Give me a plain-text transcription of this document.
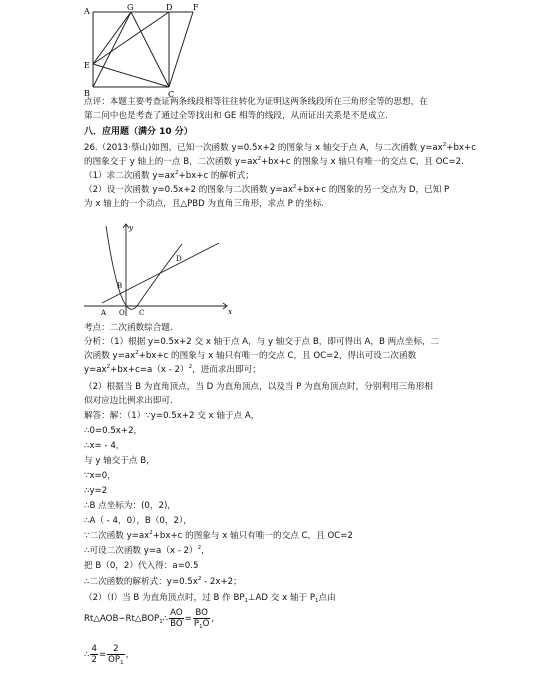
A	G	D	F
E
B	C
点评：本题主要考查证两条线段相等往往转化为证明这两条线段所在三角形全等的思想，在
第二问中也是考查了通过全等找出和 GE 相等的线段，从而证出关系是不是成立.
八．应用题（满分 10 分）
26.（2013·蔡山)如图，已知一次函数 y=0.5x+2 的图象与 x 轴交于点 A，与二次函数 $y=ax^2+bx+c$
的图象交于 y 轴上的一点 B，二次函数 $y=ax^2+bx+c$ 的图象与 x 轴只有唯一的交点 C，且 OC=2.
（1）求二次函数 $y=ax^2+bx+c$ 的解析式；
（2）设一次函数 y=0.5x+2 的图象与二次函数 $y=ax^2+bx+c$ 的图象的另一交点为 D，已知 P
为 x 轴上的一个动点，且△PBD 为直角三角形，求点 P 的坐标.
y
x
A O
B
C
D
考点：二次函数综合题.
分析：（1）根据 y=0.5x+2 交 x 轴于点 A，与 y 轴交于点 B，即可得出 A，B 两点坐标，二
次函数 $y=ax^2+bx+c$ 的图象与 x 轴只有唯一的交点 C，且 OC=2，得出可设二次函数
$y=ax^2+bx+c=a(x - 2)^2$，进而求出即可；
（2）根据当 B 为直角顶点，当 D 为直角顶点，以及当 P 为直角顶点时，分别利用三角形相
似对应边比例求出即可.
解答：解：（1）∵y=0.5x+2 交 x 轴于点 A，
∴0=0.5x+2，
∴x= - 4，
与 y 轴交于点 B，
∵x=0，
∴y=2
∴B 点坐标为：(0，2)，
∴A（ - 4，0），B（0，2），
∵二次函数 $y=ax^2+bx+c$ 的图象与 x 轴只有唯一的交点 C，且 OC=2
∴可设二次函数 y=a（x - 2）$^2$，
把 B（0，2）代入得：a=0.5
∴二次函数的解析式：$y=0.5x^2 - 2x+2$；
（2）（Ⅰ）当 B 为直角顶点时，过 B 作 $BP_1\perp AD$ 交 x 轴于 $P_1$点由
$Rt\triangle AOB∽Rt\triangle BOP_1\therefore \frac{AO}{BO} = \frac{BO}{P_1O}$ ,
∴ $\frac{4}{2} = \frac{2}{OP_1}$ ，
